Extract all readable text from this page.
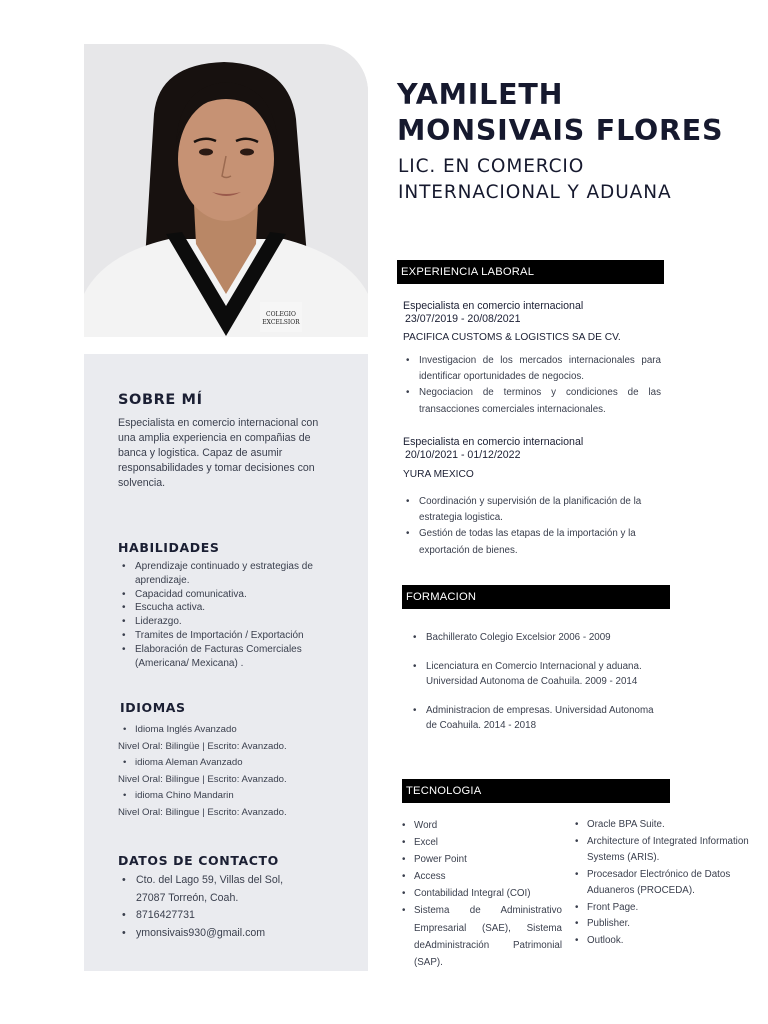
COLEGIO
EXCELSIOR
YAMILETH
MONSIVAIS FLORES
LIC. EN COMERCIO
INTERNACIONAL Y ADUANA
SOBRE MÍ
Especialista en comercio internacional con una amplia experiencia en compañias de banca y logistica. Capaz de asumir responsabilidades y tomar decisiones con solvencia.
HABILIDADES
• Aprendizaje continuado y estrategias de aprendizaje.
• Capacidad comunicativa.
• Escucha activa.
• Liderazgo.
• Tramites de Importación / Exportación
• Elaboración de Facturas Comerciales (Americana/ Mexicana) .
IDIOMAS
• Idioma Inglés Avanzado
Nivel Oral: Bilingüe | Escrito: Avanzado.
• idioma Aleman Avanzado
Nivel Oral: Bilingue | Escrito: Avanzado.
• idioma Chino Mandarin
Nivel Oral: Bilingue | Escrito: Avanzado.
DATOS DE CONTACTO
• Cto. del Lago 59, Villas del Sol,
27087 Torreón, Coah.
• 8716427731
• ymonsivais930@gmail.com
EXPERIENCIA LABORAL
Especialista en comercio internacional
23/07/2019 - 20/08/2021
PACIFICA CUSTOMS & LOGISTICS SA DE CV.
• Investigacion de los mercados internacionales para identificar oportunidades de negocios.
• Negociacion de terminos y condiciones de las transacciones comerciales internacionales.
Especialista en comercio internacional
20/10/2021 - 01/12/2022
YURA MEXICO
• Coordinación y supervisión de la planificación de la estrategia logistica.
• Gestión de todas las etapas de la importación y la exportación de bienes.
FORMACION
• Bachillerato Colegio Excelsior 2006 - 2009
• Licenciatura en Comercio Internacional y aduana. Universidad Autonoma de Coahuila. 2009 - 2014
• Administracion de empresas. Universidad Autonoma de Coahuila. 2014 - 2018
TECNOLOGIA
• Word
• Excel
• Power Point
• Access
• Contabilidad Integral (COI)
• Sistema de Administrativo Empresarial (SAE), Sistema deAdministración Patrimonial (SAP).
• Oracle BPA Suite.
• Architecture of Integrated Information Systems (ARIS).
• Procesador Electrónico de Datos Aduaneros (PROCEDA).
• Front Page.
• Publisher.
• Outlook.
